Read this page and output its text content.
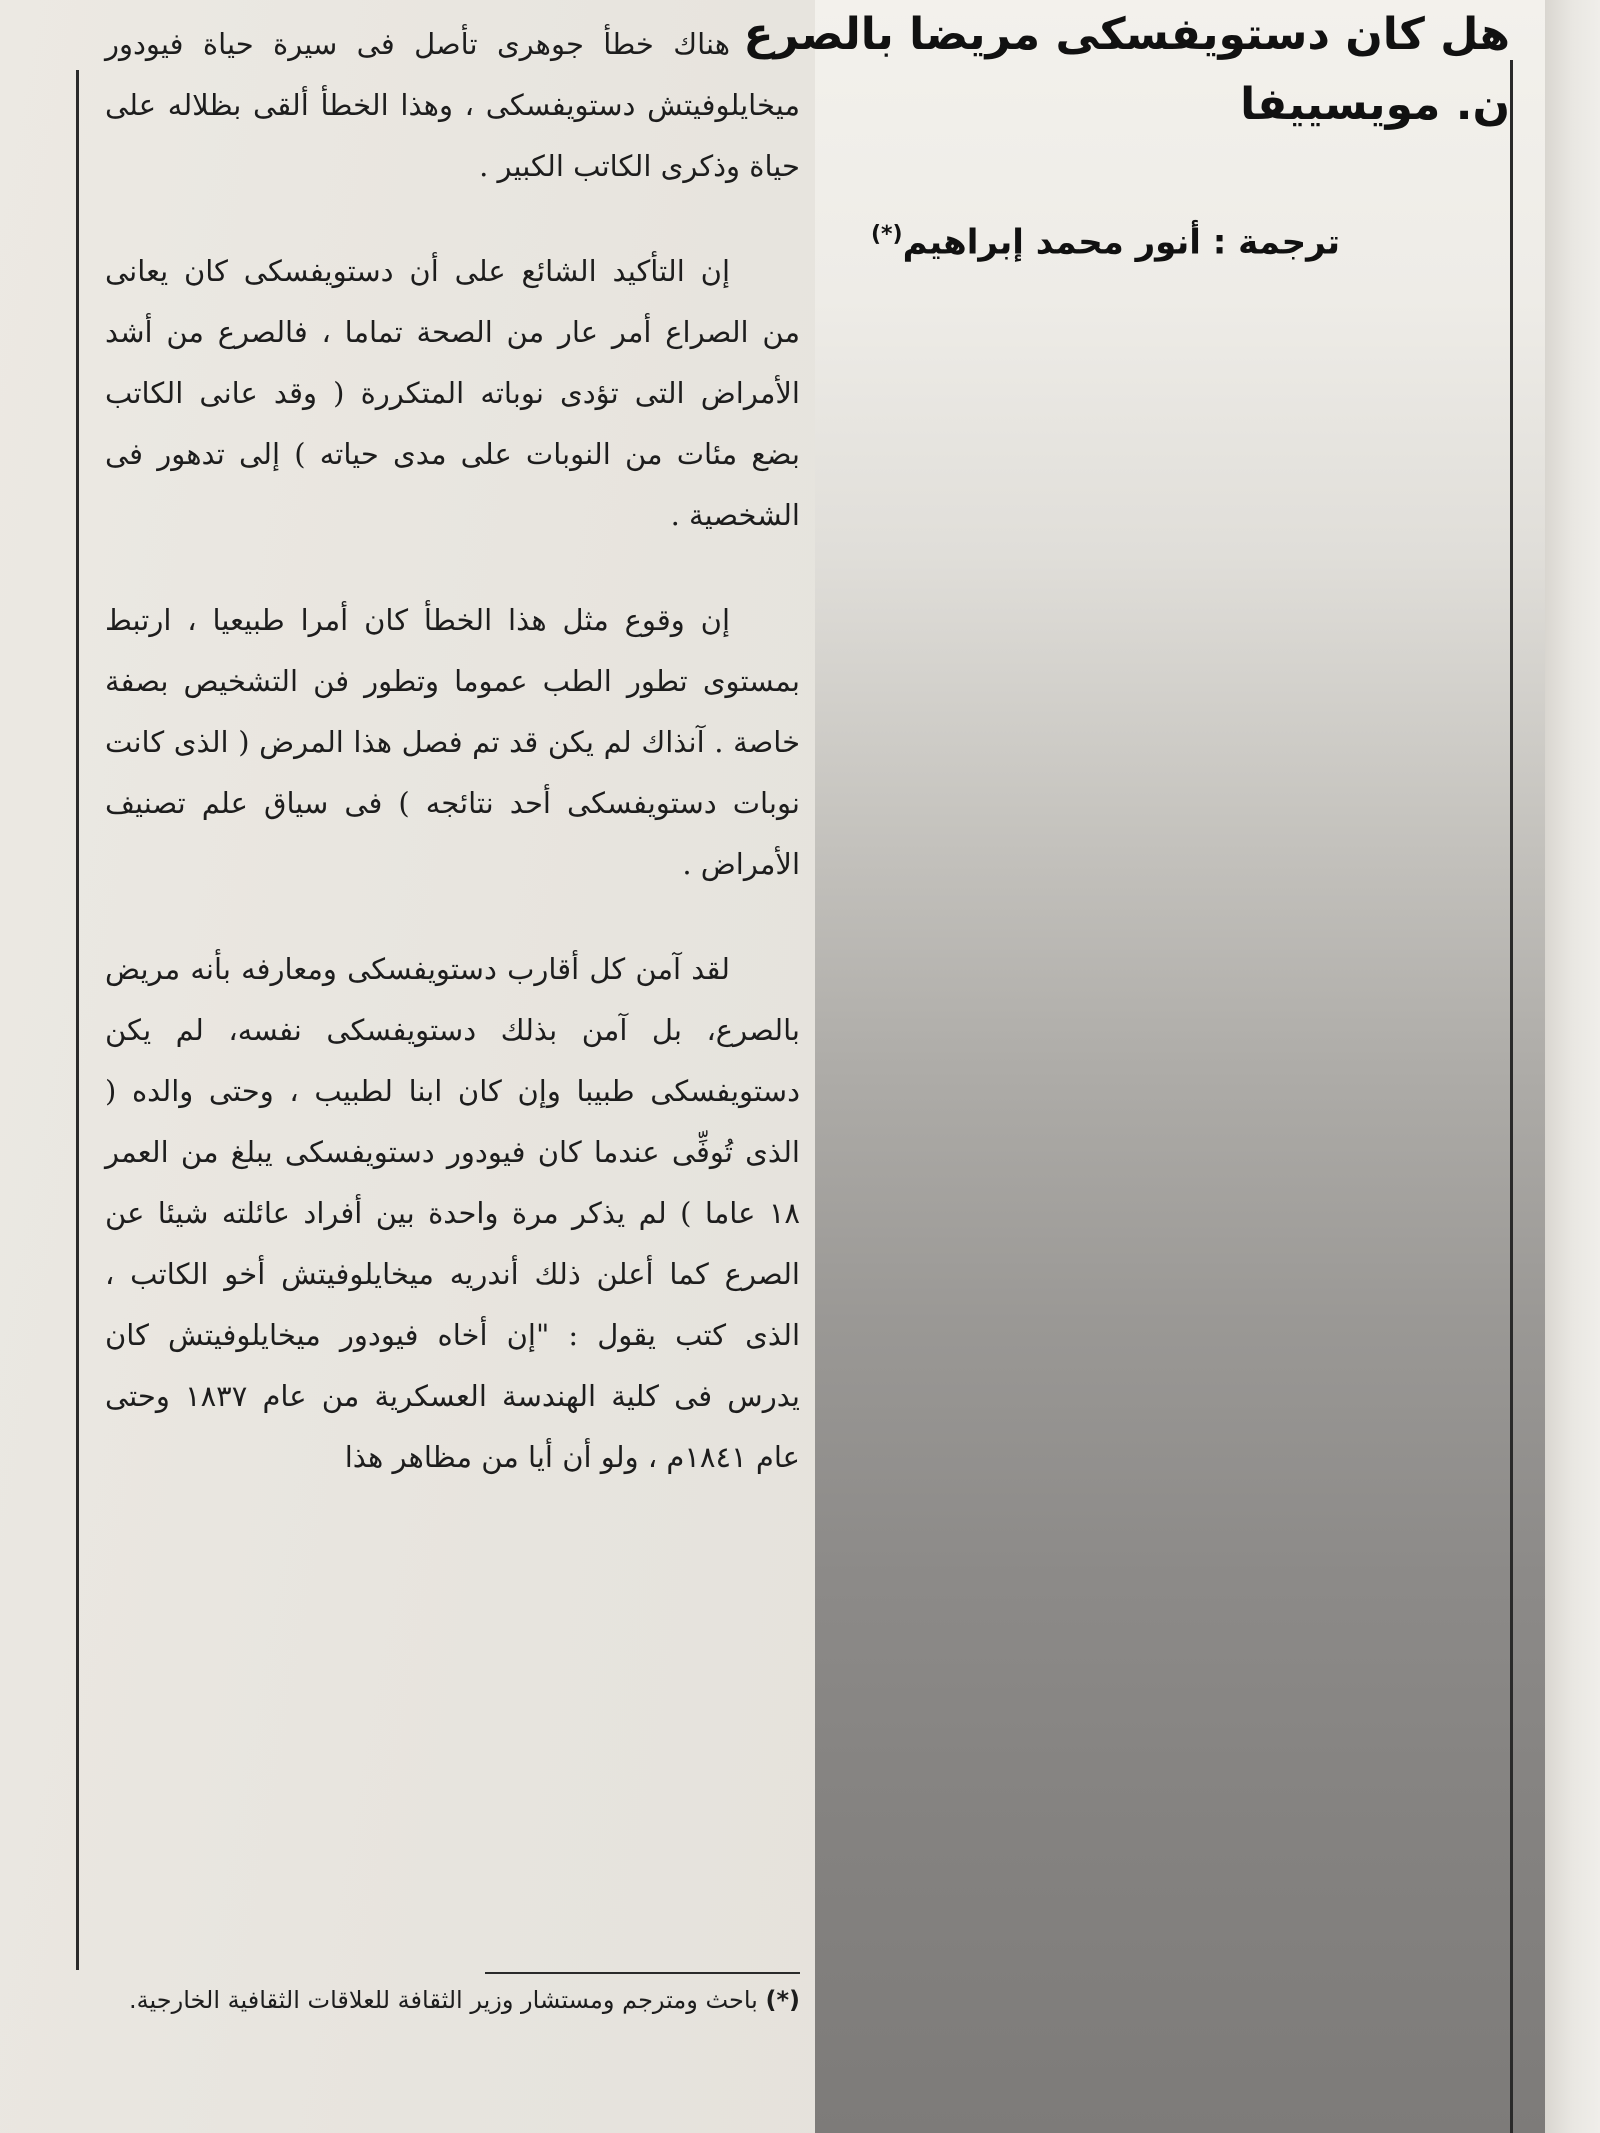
هل كان دستويفسكى مريضا بالصرع
ن. مويسييفا
ترجمة : أنور محمد إبراهيم(*)

هناك خطأ جوهرى تأصل فى سيرة حياة فيودور ميخايلوفيتش دستويفسكى ، وهذا الخطأ ألقى بظلاله على حياة وذكرى الكاتب الكبير .

إن التأكيد الشائع على أن دستويفسكى كان يعانى من الصراع أمر عار من الصحة تماما ، فالصرع من أشد الأمراض التى تؤدى نوباته المتكررة ( وقد عانى الكاتب بضع مئات من النوبات على مدى حياته ) إلى تدهور فى الشخصية .

إن وقوع مثل هذا الخطأ كان أمرا طبيعيا ، ارتبط بمستوى تطور الطب عموما وتطور فن التشخيص بصفة خاصة . آنذاك لم يكن قد تم فصل هذا المرض ( الذى كانت نوبات دستويفسكى أحد نتائجه ) فى سياق علم تصنيف الأمراض .

لقد آمن كل أقارب دستويفسكى ومعارفه بأنه مريض بالصرع، بل آمن بذلك دستويفسكى نفسه، لم يكن دستويفسكى طبيبا وإن كان ابنا لطبيب ، وحتى والده ( الذى تُوفِّى عندما كان فيودور دستويفسكى يبلغ من العمر ١٨ عاما ) لم يذكر مرة واحدة بين أفراد عائلته شيئا عن الصرع كما أعلن ذلك أندريه ميخايلوفيتش أخو الكاتب ، الذى كتب يقول : "إن أخاه فيودور ميخايلوفيتش كان يدرس فى كلية الهندسة العسكرية من عام ١٨٣٧ وحتى عام ١٨٤١م ، ولو أن أيا من مظاهر هذا

(*) باحث ومترجم ومستشار وزير الثقافة للعلاقات الثقافية الخارجية.
